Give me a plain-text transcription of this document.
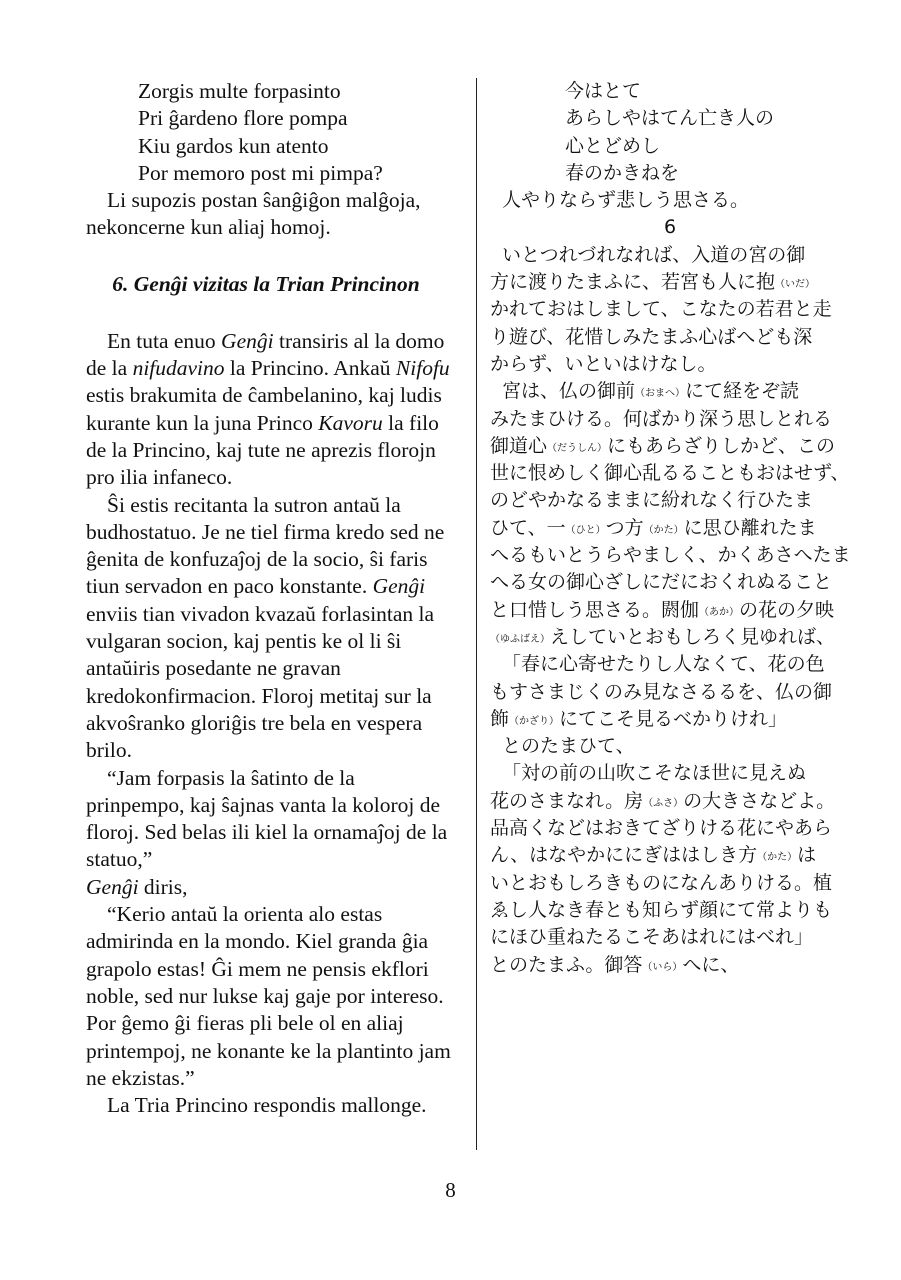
Zorgis multe forpasinto
Pri ĝardeno flore pompa
Kiu gardos kun atento
Por memoro post mi pimpa?
Li supozis postan ŝanĝiĝon malĝoja,
nekoncerne kun aliaj homoj.
6. Genĝi vizitas la Trian Princinon
En tuta enuo Genĝi transiris al la domo
de la nifudavino la Princino. Ankaŭ Nifofu
estis brakumita de ĉambelanino, kaj ludis
kurante kun la juna Princo Kavoru la filo
de la Princino, kaj tute ne aprezis florojn
pro ilia infaneco.
Ŝi estis recitanta la sutron antaŭ la
budhostatuo. Je ne tiel firma kredo sed ne
ĝenita de konfuzaĵoj de la socio, ŝi faris
tiun servadon en paco konstante. Genĝi
enviis tian vivadon kvazaŭ forlasintan la
vulgaran socion, kaj pentis ke ol li ŝi
antaŭiris posedante ne gravan
kredokonfirmacion. Floroj metitaj sur la
akvoŝranko gloriĝis tre bela en vespera
brilo.
“Jam forpasis la ŝatinto de la
prinpempo, kaj ŝajnas vanta la koloroj de
floroj. Sed belas ili kiel la ornamaĵoj de la
statuo,”
Genĝi diris,
“Kerio antaŭ la orienta alo estas
admirinda en la mondo. Kiel granda ĝia
grapolo estas! Ĝi mem ne pensis ekflori
noble, sed nur lukse kaj gaje por intereso.
Por ĝemo ĝi fieras pli bele ol en aliaj
printempoj, ne konante ke la plantinto jam
ne ekzistas.”
La Tria Princino respondis mallonge.
今はとて
あらしやはてん亡き人の
心とどめし
春のかきねを
人やりならず悲しう思さる。
6
いとつれづれなれば、入道の宮の御
方に渡りたまふに、若宮も人に抱（いだ）
かれておはしまして、こなたの若君と走
り遊び、花惜しみたまふ心ばへども深
からず、いといはけなし。
宮は、仏の御前（おまへ）にて経をぞ読
みたまひける。何ばかり深う思しとれる
御道心（だうしん）にもあらざりしかど、この
世に恨めしく御心乱るることもおはせず、
のどやかなるままに紛れなく行ひたま
ひて、一（ひと）つ方（かた）に思ひ離れたま
へるもいとうらやましく、かくあさへたま
へる女の御心ざしにだにおくれぬること
と口惜しう思さる。閼伽（あか）の花の夕映
（ゆふばえ）えしていとおもしろく見ゆれば、
「春に心寄せたりし人なくて、花の色
もすさまじくのみ見なさるるを、仏の御
飾（かざり）にてこそ見るべかりけれ」
とのたまひて、
「対の前の山吹こそなほ世に見えぬ
花のさまなれ。房（ふさ）の大きさなどよ。
品高くなどはおきてざりける花にやあら
ん、はなやかににぎははしき方（かた）は
いとおもしろきものになんありける。植
ゑし人なき春とも知らず顔にて常よりも
にほひ重ねたるこそあはれにはべれ」
とのたまふ。御答（いら）へに、
8
